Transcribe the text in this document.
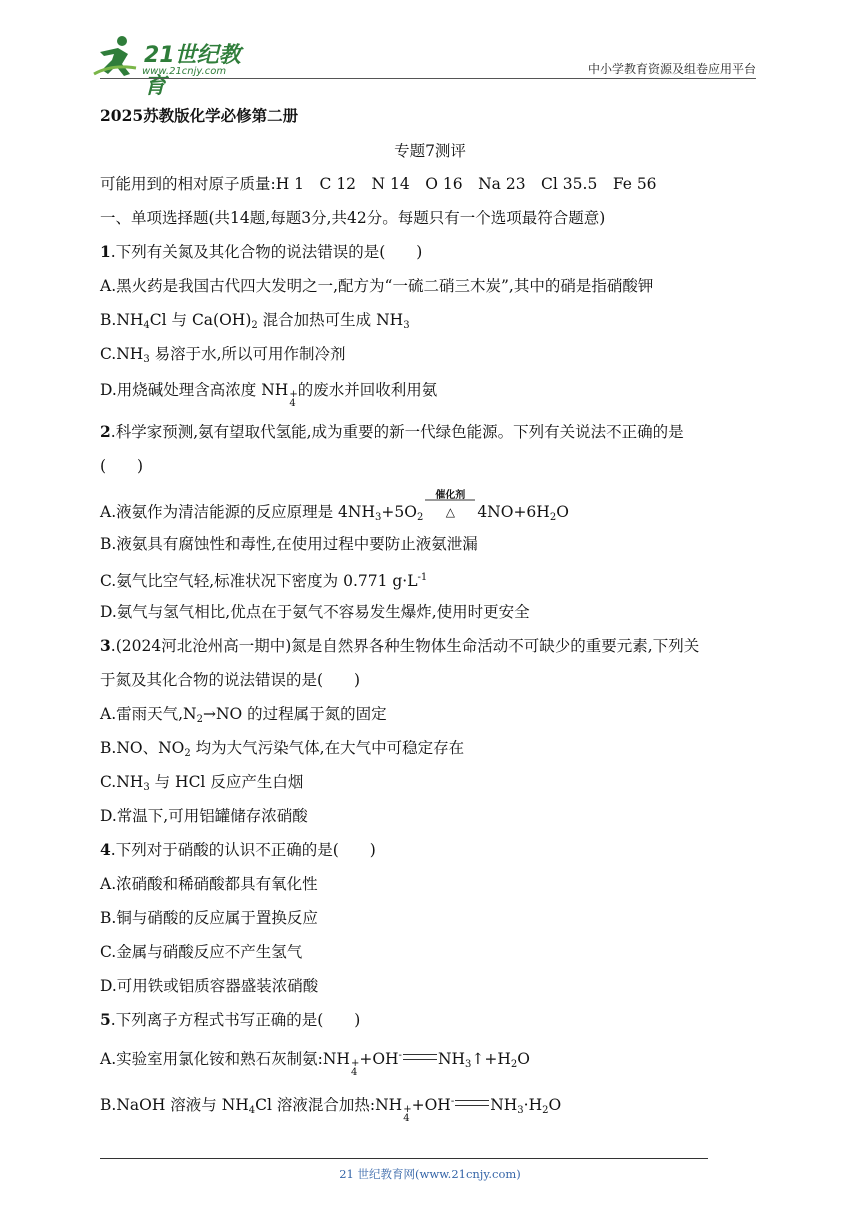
21世纪教育
www.21cnjy.com	中小学教育资源及组卷应用平台
2025苏教版化学必修第二册
专题7测评
可能用到的相对原子质量:H 1　C 12　N 14　O 16　Na 23　Cl 35.5　Fe 56
一、单项选择题(共14题,每题3分,共42分。每题只有一个选项最符合题意)
1.下列有关氮及其化合物的说法错误的是(　　)
A.黑火药是我国古代四大发明之一,配方为“一硫二硝三木炭”,其中的硝是指硝酸钾
$B.NH_4Cl$ 与 $Ca(OH)_2$ 混合加热可生成 $NH_3$
$C.NH_3$ 易溶于水,所以可用作制冷剂
D.用烧碱处理含高浓度 NH +
4
的废水并回收利用氨
2.科学家预测,氨有望取代氢能,成为重要的新一代绿色能源。下列有关说法不正确的是
(　　)
A.液氨作为清洁能源的反应原理是 $4NH_3+5O_2$
催化剂
△	$4NO+6H_2O$
B.液氨具有腐蚀性和毒性,在使用过程中要防止液氨泄漏
C.氨气比空气轻,标准状况下密度为 0.771 $g\cdot L^{-1}$
D.氨气与氢气相比,优点在于氨气不容易发生爆炸,使用时更安全
3.(2024河北沧州高一期中)氮是自然界各种生物体生命活动不可缺少的重要元素,下列关
于氮及其化合物的说法错误的是(　　)
A.雷雨天气$,N_2\to NO$ 的过程属于氮的固定
B.NO、$NO_2$ 均为大气污染气体,在大气中可稳定存在
$C.NH_3$ 与 HCl 反应产生白烟
D.常温下,可用铝罐储存浓硝酸
4.下列对于硝酸的认识不正确的是(　　)
A.浓硝酸和稀硝酸都具有氧化性
B.铜与硝酸的反应属于置换反应
C.金属与硝酸反应不产生氢气
D.可用铁或铝质容器盛装浓硝酸
5.下列离子方程式书写正确的是(　　)
A.实验室用氯化铵和熟石灰制氨:NH +
4
+OH- $NH_3↑+H_2O$
B.NaOH 溶液与 $NH_4Cl$ 溶液混合加热:NH +
4
+OH- $NH_3\cdot H_2O$
21 世纪教育网(www.21cnjy.com)
